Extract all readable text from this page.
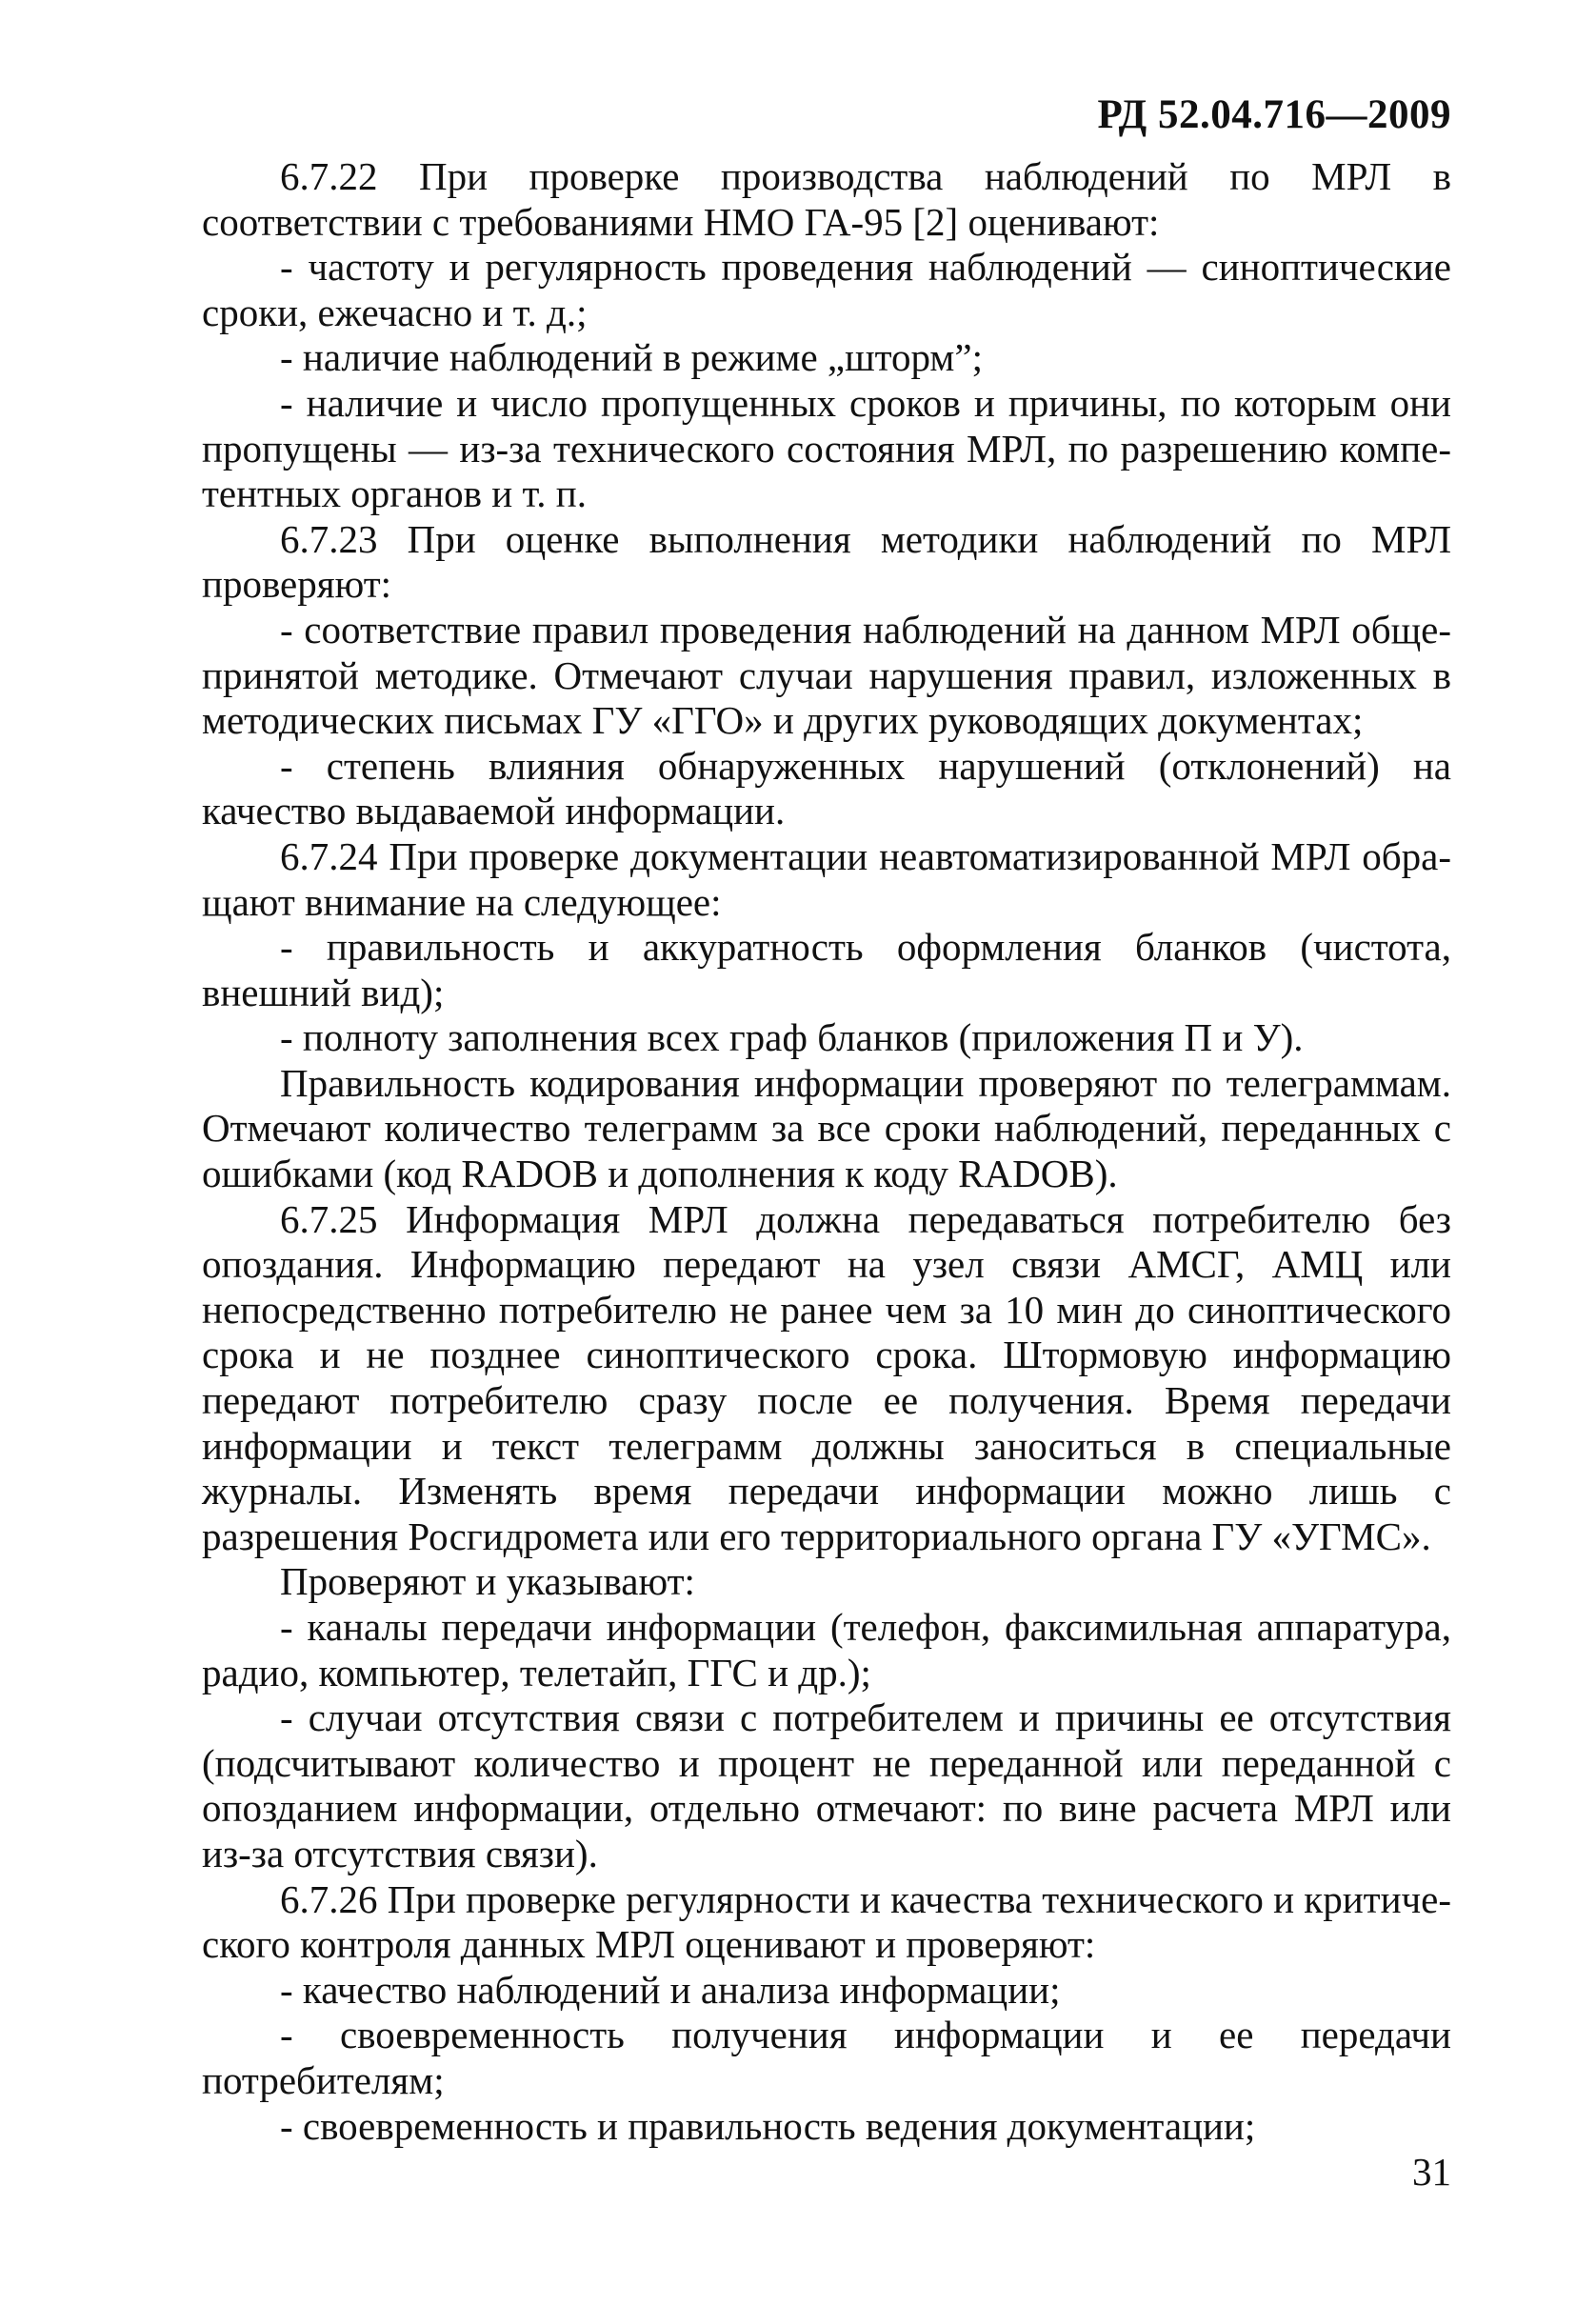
РД 52.04.716—2009

6.7.22 При проверке производства наблюдений по МРЛ в соответствии с требованиями НМО ГА-95 [2] оценивают:

- частоту и регулярность проведения наблюдений — синоптические сроки, ежечасно и т. д.;

- наличие наблюдений в режиме „шторм”;

- наличие и число пропущенных сроков и причины, по которым они пропущены — из-за технического состояния МРЛ, по разрешению компетентных органов и т. п.

6.7.23 При оценке выполнения методики наблюдений по МРЛ проверяют:

- соответствие правил проведения наблюдений на данном МРЛ общепринятой методике. Отмечают случаи нарушения правил, изложенных в методических письмах ГУ «ГГО» и других руководящих документах;

- степень влияния обнаруженных нарушений (отклонений) на качество выдаваемой информации.

6.7.24 При проверке документации неавтоматизированной МРЛ обращают внимание на следующее:

- правильность и аккуратность оформления бланков (чистота, внешний вид);

- полноту заполнения всех граф бланков (приложения П и У).

Правильность кодирования информации проверяют по телеграммам. Отмечают количество телеграмм за все сроки наблюдений, переданных с ошибками (код RADOB и дополнения к коду RADOB).

6.7.25 Информация МРЛ должна передаваться потребителю без опоздания. Информацию передают на узел связи АМСГ, АМЦ или непосредственно потребителю не ранее чем за 10 мин до синоптического срока и не позднее синоптического срока. Штормовую информацию передают потребителю сразу после ее получения. Время передачи информации и текст телеграмм должны заноситься в специальные журналы. Изменять время передачи информации можно лишь с разрешения Росгидромета или его территориального органа ГУ «УГМС».

Проверяют и указывают:

- каналы передачи информации (телефон, факсимильная аппаратура, радио, компьютер, телетайп, ГГС и др.);

- случаи отсутствия связи с потребителем и причины ее отсутствия (подсчитывают количество и процент не переданной или переданной с опозданием информации, отдельно отмечают: по вине расчета МРЛ или из-за отсутствия связи).

6.7.26 При проверке регулярности и качества технического и критического контроля данных МРЛ оценивают и проверяют:

- качество наблюдений и анализа информации;

- своевременность получения информации и ее передачи потребителям;

- своевременность и правильность ведения документации;

31
